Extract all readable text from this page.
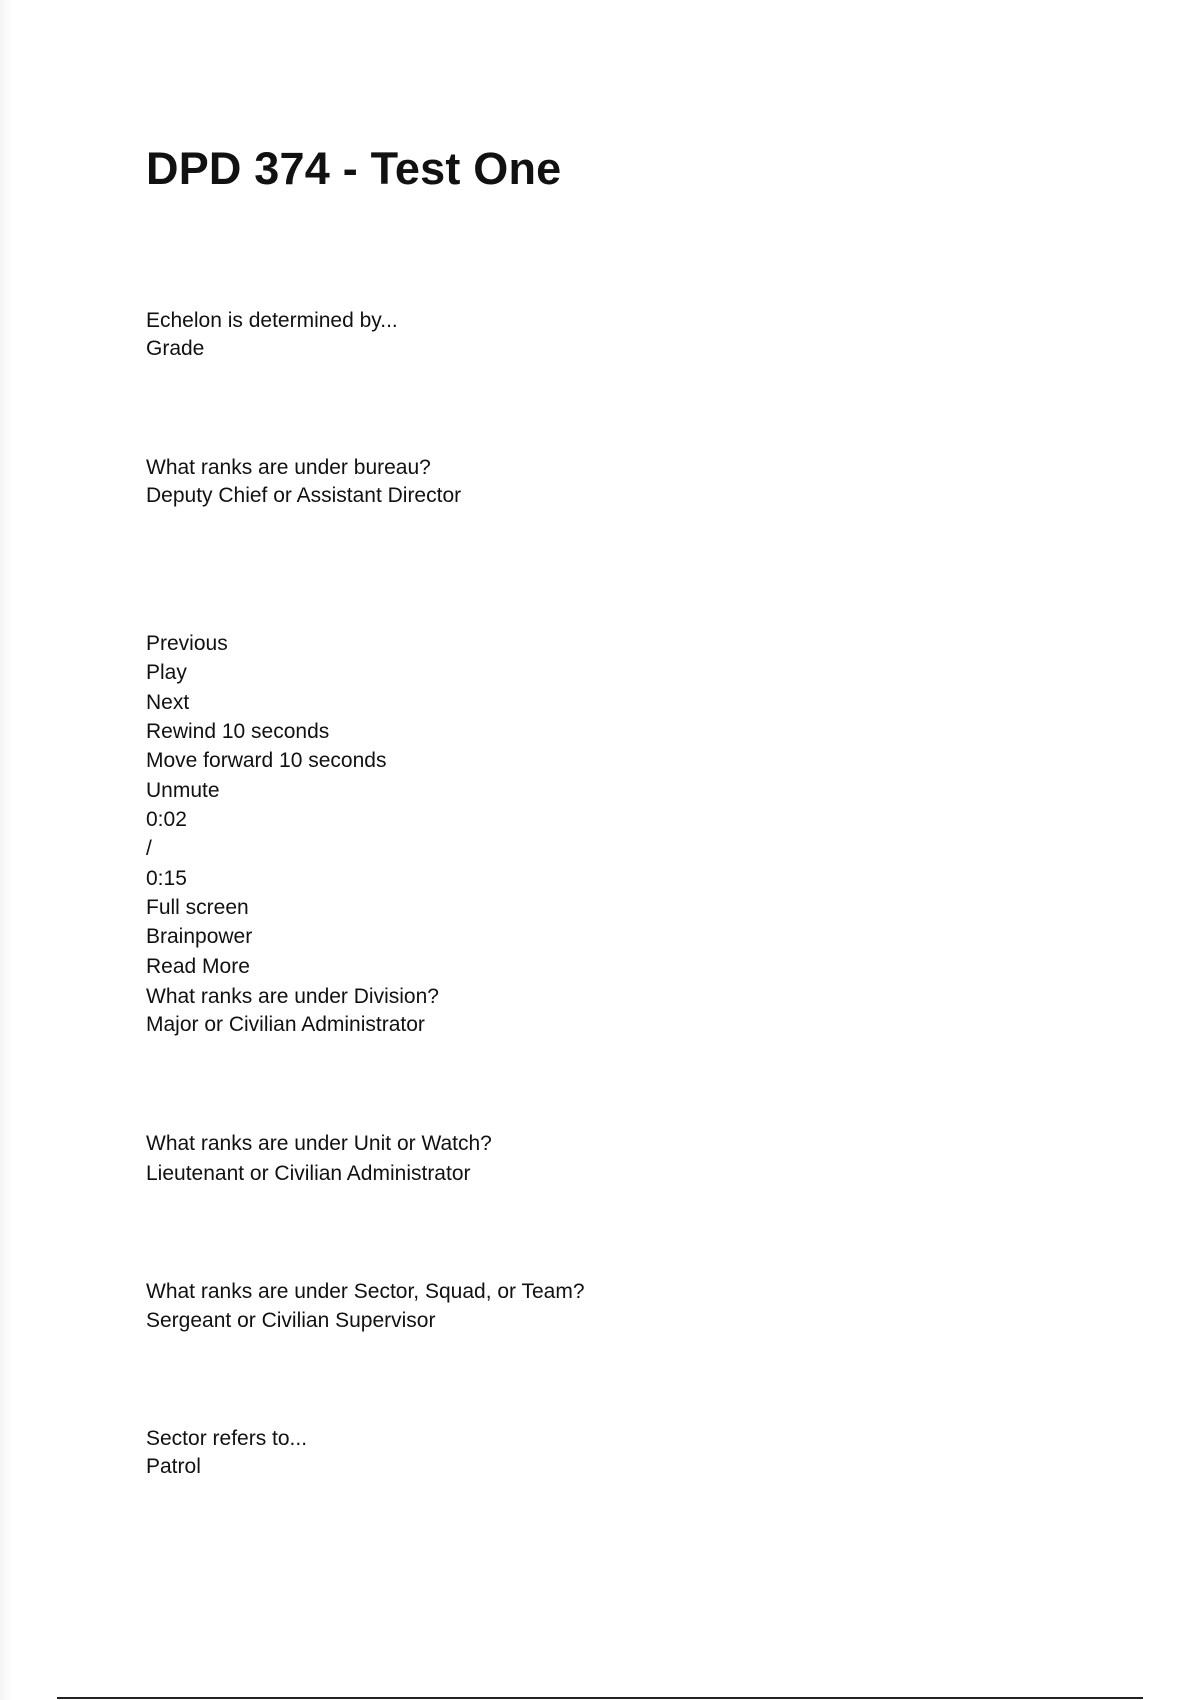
DPD 374 - Test One
Echelon is determined by...
Grade
What ranks are under bureau?
Deputy Chief or Assistant Director
Previous
Play
Next
Rewind 10 seconds
Move forward 10 seconds
Unmute
0:02
/
0:15
Full screen
Brainpower
Read More
What ranks are under Division?
Major or Civilian Administrator
What ranks are under Unit or Watch?
Lieutenant or Civilian Administrator
What ranks are under Sector, Squad, or Team?
Sergeant or Civilian Supervisor
Sector refers to...
Patrol
